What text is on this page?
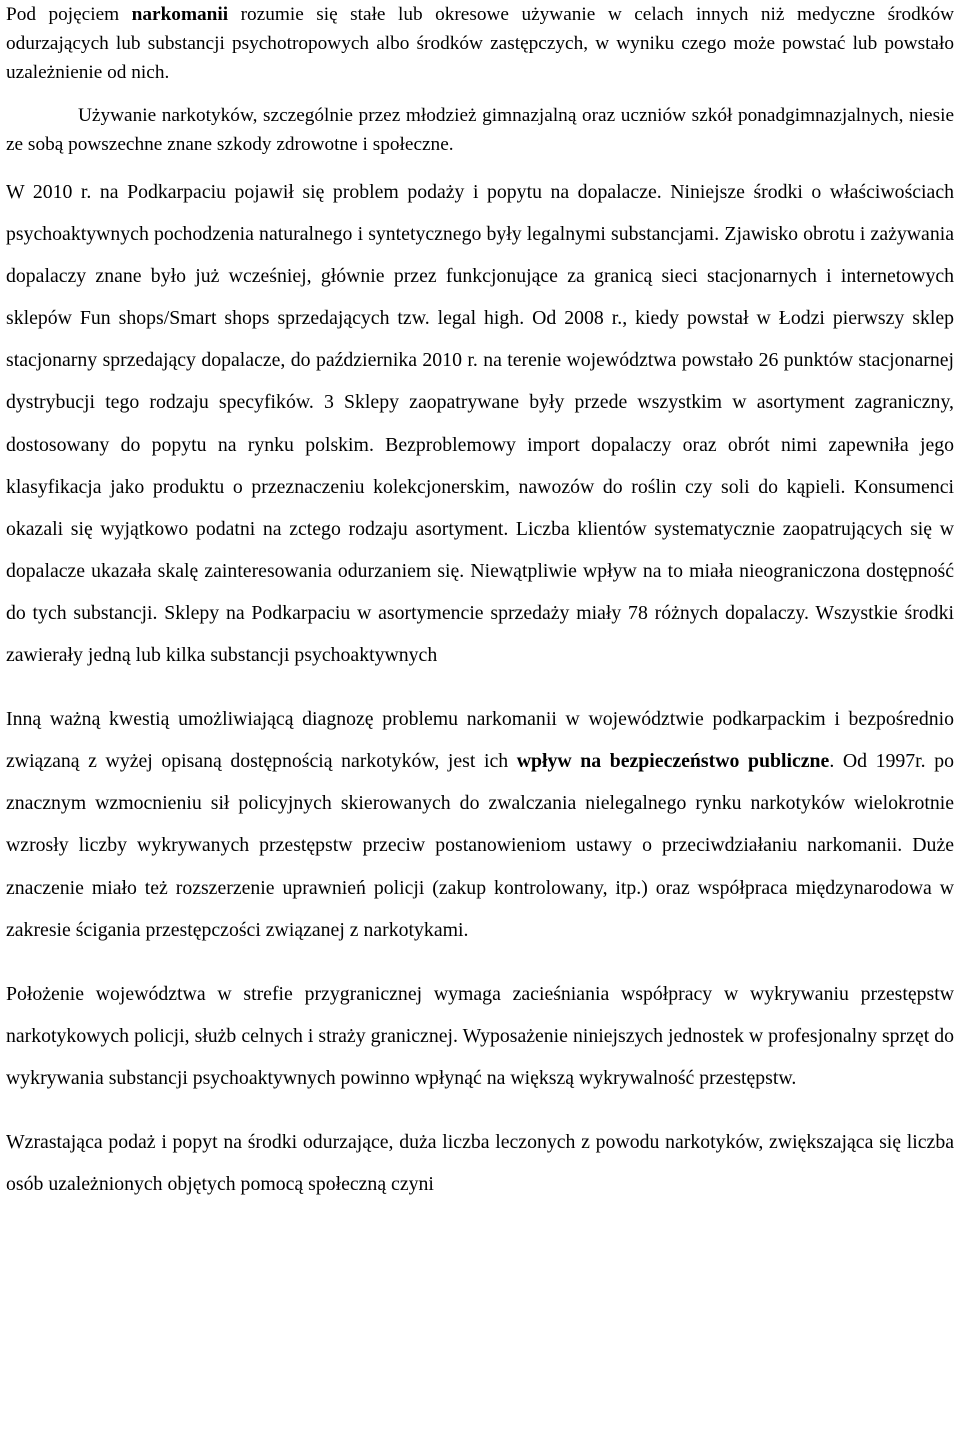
Pod pojęciem narkomanii rozumie się stałe lub okresowe używanie w celach innych niż medyczne środków odurzających lub substancji psychotropowych albo środków zastępczych, w wyniku czego może powstać lub powstało uzależnienie od nich.

Używanie narkotyków, szczególnie przez młodzież gimnazjalną oraz uczniów szkół ponadgimnazjalnych, niesie ze sobą powszechne znane szkody zdrowotne i społeczne.

W 2010 r. na Podkarpaciu pojawił się problem podaży i popytu na dopalacze. Niniejsze środki o właściwościach psychoaktywnych pochodzenia naturalnego i syntetycznego były legalnymi substancjami. Zjawisko obrotu i zażywania dopalaczy znane było już wcześniej, głównie przez funkcjonujące za granicą sieci stacjonarnych i internetowych sklepów Fun shops/Smart shops sprzedających tzw. legal high. Od 2008 r., kiedy powstał w Łodzi pierwszy sklep stacjonarny sprzedający dopalacze, do października 2010 r. na terenie województwa powstało 26 punktów stacjonarnej dystrybucji tego rodzaju specyfików. 3 Sklepy zaopatrywane były przede wszystkim w asortyment zagraniczny, dostosowany do popytu na rynku polskim. Bezproblemowy import dopalaczy oraz obrót nimi zapewniła jego klasyfikacja jako produktu o przeznaczeniu kolekcjonerskim, nawozów do roślin czy soli do kąpieli. Konsumenci okazali się wyjątkowo podatni na zctego rodzaju asortyment. Liczba klientów systematycznie zaopatrujących się w dopalacze ukazała skalę zainteresowania odurzaniem się. Niewątpliwie wpływ na to miała nieograniczona dostępność do tych substancji. Sklepy na Podkarpaciu w asortymencie sprzedaży miały 78 różnych dopalaczy. Wszystkie środki zawierały jedną lub kilka substancji psychoaktywnych

Inną ważną kwestią umożliwiającą diagnozę problemu narkomanii w województwie podkarpackim i bezpośrednio związaną z wyżej opisaną dostępnością narkotyków, jest ich wpływ na bezpieczeństwo publiczne. Od 1997r. po znacznym wzmocnieniu sił policyjnych skierowanych do zwalczania nielegalnego rynku narkotyków wielokrotnie wzrosły liczby wykrywanych przestępstw przeciw postanowieniom ustawy o przeciwdziałaniu narkomanii. Duże znaczenie miało też rozszerzenie uprawnień policji (zakup kontrolowany, itp.) oraz współpraca międzynarodowa w zakresie ścigania przestępczości związanej z narkotykami.

Położenie województwa w strefie przygranicznej wymaga zacieśniania współpracy w wykrywaniu przestępstw narkotykowych policji, służb celnych i straży granicznej. Wyposażenie niniejszych jednostek w profesjonalny sprzęt do wykrywania substancji psychoaktywnych powinno wpłynąć na większą wykrywalność przestępstw.

Wzrastająca podaż i popyt na środki odurzające, duża liczba leczonych z powodu narkotyków, zwiększająca się liczba osób uzależnionych objętych pomocą społeczną czyni
